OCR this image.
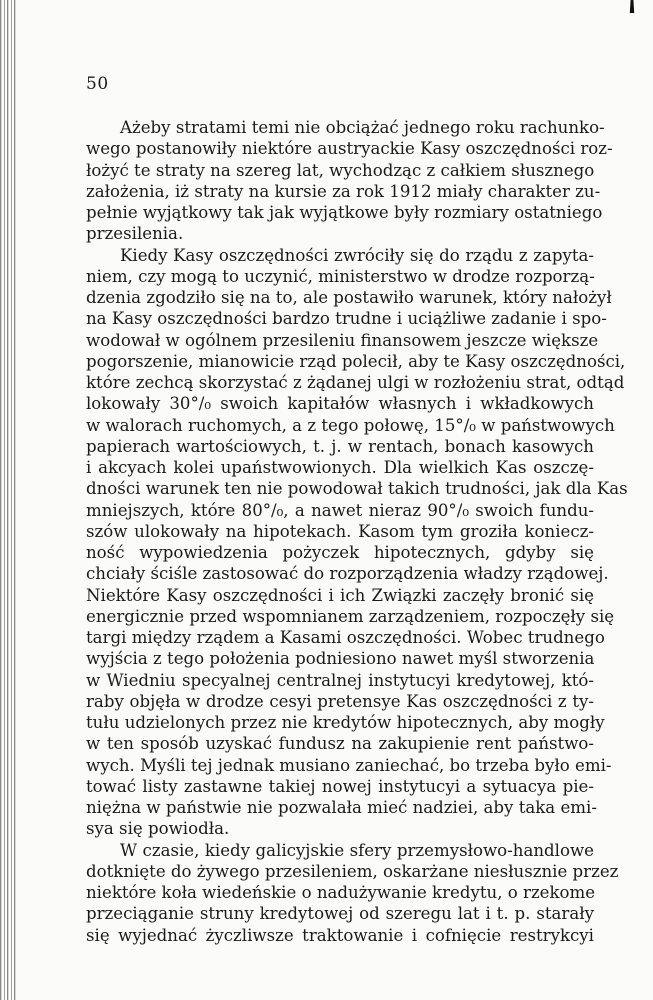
50
Ażeby stratami temi nie obciążać jednego roku rachunko-
wego postanowiły niektóre austryackie Kasy oszczędności roz-
łożyć te straty na szereg lat, wychodząc z całkiem słusznego
założenia, iż straty na kursie za rok 1912 miały charakter zu-
pełnie wyjątkowy tak jak wyjątkowe były rozmiary ostatniego
przesilenia.
Kiedy Kasy oszczędności zwróciły się do rządu z zapyta-
niem, czy mogą to uczynić, ministerstwo w drodze rozporzą-
dzenia zgodziło się na to, ale postawiło warunek, który nałożył
na Kasy oszczędności bardzo trudne i uciążliwe zadanie i spo-
wodował w ogólnem przesileniu finansowem jeszcze większe
pogorszenie, mianowicie rząd polecił, aby te Kasy oszczędności,
które zechcą skorzystać z żądanej ulgi w rozłożeniu strat, odtąd
lokowały 30°/₀ swoich kapitałów własnych i wkładkowych
w walorach ruchomych, a z tego połowę, 15°/₀ w państwowych
papierach wartościowych, t. j. w rentach, bonach kasowych
i akcyach kolei upaństwowionych. Dla wielkich Kas oszczę-
dności warunek ten nie powodował takich trudności, jak dla Kas
mniejszych, które 80°/₀, a nawet nieraz 90°/₀ swoich fundu-
szów ulokowały na hipotekach. Kasom tym groziła koniecz-
ność wypowiedzenia pożyczek hipotecznych, gdyby się
chciały ściśle zastosować do rozporządzenia władzy rządowej.
Niektóre Kasy oszczędności i ich Związki zaczęły bronić się
energicznie przed wspomnianem zarządzeniem, rozpoczęły się
targi między rządem a Kasami oszczędności. Wobec trudnego
wyjścia z tego położenia podniesiono nawet myśl stworzenia
w Wiedniu specyalnej centralnej instytucyi kredytowej, któ-
raby objęła w drodze cesyi pretensye Kas oszczędności z ty-
tułu udzielonych przez nie kredytów hipotecznych, aby mogły
w ten sposób uzyskać fundusz na zakupienie rent państwo-
wych. Myśli tej jednak musiano zaniechać, bo trzeba było emi-
tować listy zastawne takiej nowej instytucyi a sytuacya pie-
niężna w państwie nie pozwalała mieć nadziei, aby taka emi-
sya się powiodła.
W czasie, kiedy galicyjskie sfery przemysłowo-handlowe
dotknięte do żywego przesileniem, oskarżane niesłusznie przez
niektóre koła wiedeńskie o nadużywanie kredytu, o rzekome
przeciąganie struny kredytowej od szeregu lat i t. p. starały
się wyjednać życzliwsze traktowanie i cofnięcie restrykcyi
